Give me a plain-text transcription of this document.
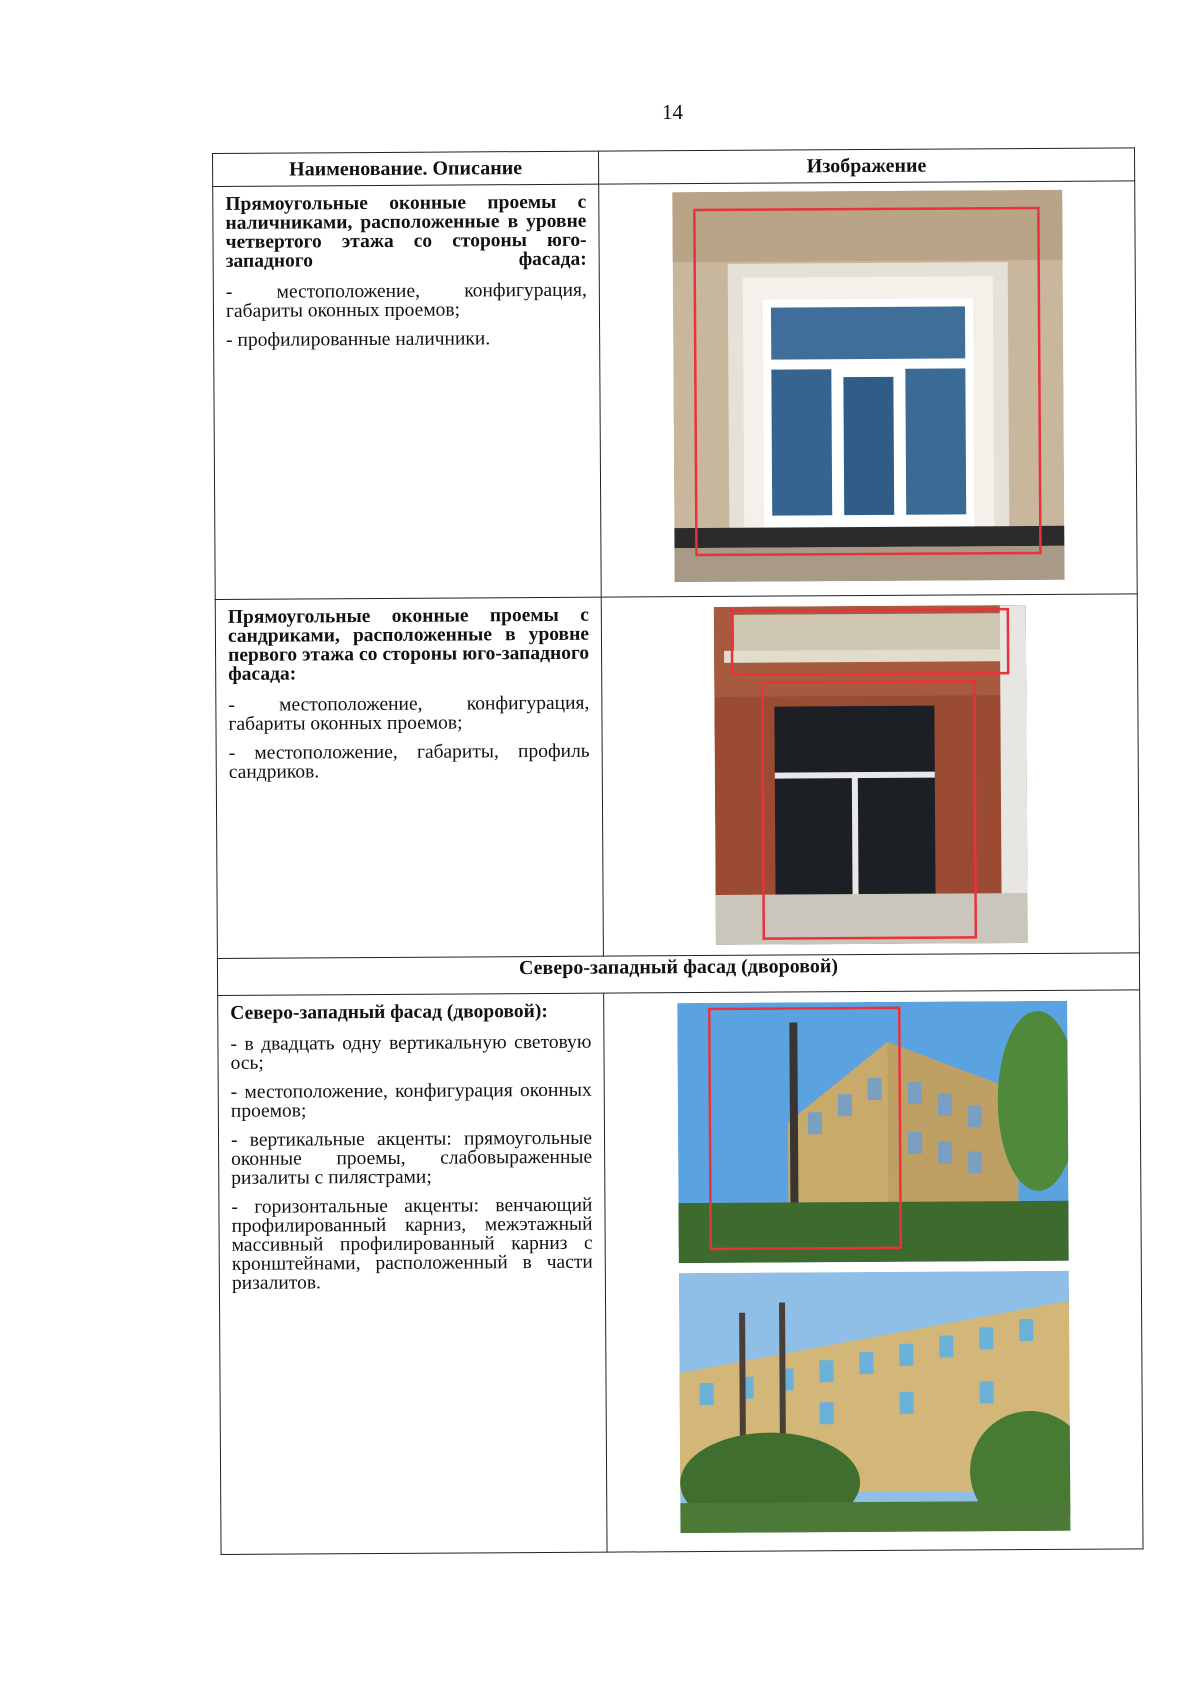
14
Наименование. Описание	Изображение

Прямоугольные оконные проемы с наличниками, расположенные в уровне четвертого этажа со стороны юго-западного фасада:

- местоположение, конфигурация, габариты оконных проемов;

- профилированные наличники.

Прямоугольные оконные проемы с сандриками, расположенные в уровне первого этажа со стороны юго-западного фасада:

- местоположение, конфигурация, габариты оконных проемов;

- местоположение, габариты, профиль сандриков.

Северо-западный фасад (дворовой)	

Северо-западный фасад (дворовой):

- в двадцать одну вертикальную световую ось;

- местоположение, конфигурация оконных проемов;

- вертикальные акценты: прямоугольные оконные проемы, слабовыраженные ризалиты с пилястрами;

- горизонтальные акценты: венчающий профилированный карниз, межэтажный массивный профилированный карниз с кронштейнами, расположенный в части ризалитов.
